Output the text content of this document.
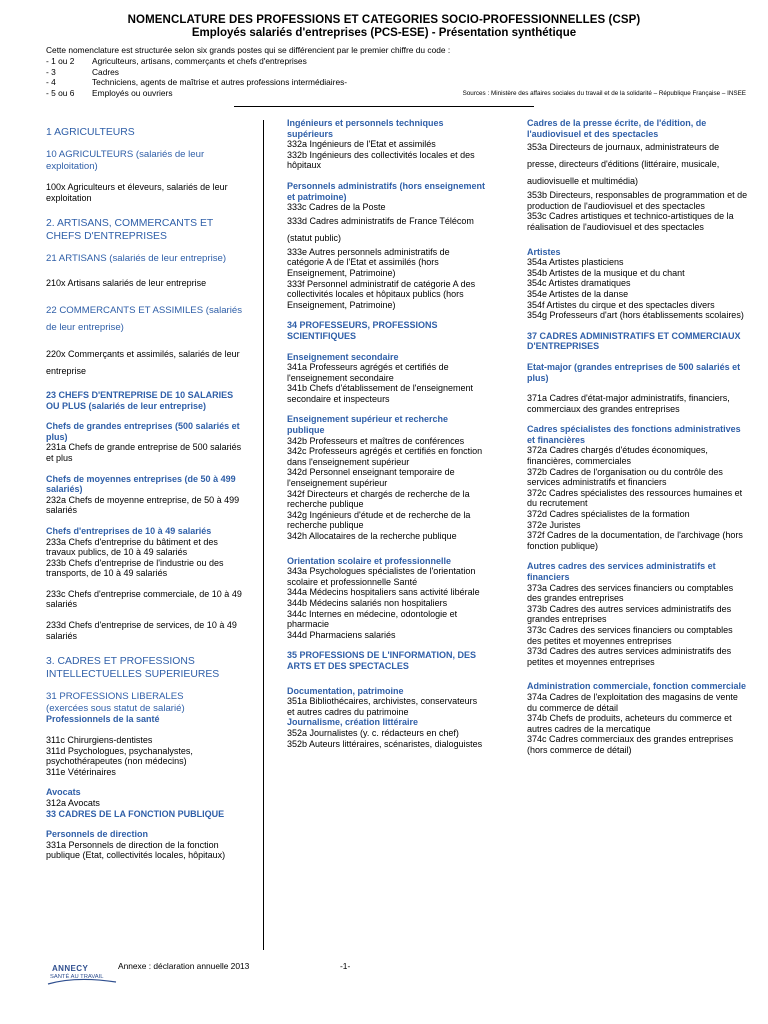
NOMENCLATURE DES PROFESSIONS ET CATEGORIES SOCIO-PROFESSIONNELLES (CSP)
Employés salariés d'entreprises (PCS-ESE) - Présentation synthétique
Cette nomenclature est structurée selon six grands postes qui se différencient par le premier chiffre du code :
- 1 ou 2 Agriculteurs, artisans, commerçants et chefs d'entreprises
- 3	Cadres
- 4	Techniciens, agents de maîtrise et autres professions intermédiaires-
- 5 ou 6 Employés ou ouvriers	Sources : Ministère des affaires sociales du travail et de la solidarité – République Française – INSEE
1 AGRICULTEURS
10 AGRICULTEURS (salariés de leur exploitation)
100x Agriculteurs et éleveurs, salariés de leur exploitation
2. ARTISANS, COMMERCANTS ET CHEFS D'ENTREPRISES
21 ARTISANS (salariés de leur entreprise)
210x Artisans salariés de leur entreprise
22 COMMERCANTS ET ASSIMILES (salariés de leur entreprise)
220x Commerçants et assimilés, salariés de leur entreprise
23 CHEFS D'ENTREPRISE DE 10 SALARIES OU PLUS (salariés de leur entreprise)
Chefs de grandes entreprises (500 salariés et plus)
231a Chefs de grande entreprise de 500 salariés et plus
Chefs de moyennes entreprises (de 50 à 499 salariés)
232a Chefs de moyenne entreprise, de 50 à 499 salariés
Chefs d'entreprises de 10 à 49 salariés
233a Chefs d'entreprise du bâtiment et des travaux publics, de 10 à 49 salariés
233b Chefs d'entreprise de l'industrie ou des transports, de 10 à 49 salariés
233c Chefs d'entreprise commerciale, de 10 à 49 salariés
233d Chefs d'entreprise de services, de 10 à 49 salariés
3. CADRES ET PROFESSIONS INTELLECTUELLES SUPERIEURES
31 PROFESSIONS LIBERALES
(exercées sous statut de salarié)
Professionnels de la santé
311c Chirurgiens-dentistes
311d Psychologues, psychanalystes, psychothérapeutes (non médecins)
311e Vétérinaires
Avocats
312a Avocats
33 CADRES DE LA FONCTION PUBLIQUE
Personnels de direction
331a Personnels de direction de la fonction publique (Etat, collectivités locales, hôpitaux)
Ingénieurs et personnels techniques supérieurs
332a Ingénieurs de l'Etat et assimilés
332b Ingénieurs des collectivités locales et des hôpitaux
Personnels administratifs (hors enseignement et patrimoine)
333c Cadres de la Poste
333d Cadres administratifs de France Télécom (statut public)
333e Autres personnels administratifs de catégorie A de l'Etat et assimilés (hors Enseignement, Patrimoine)
333f Personnel administratif de catégorie A des collectivités locales et hôpitaux publics (hors Enseignement, Patrimoine)
34 PROFESSEURS, PROFESSIONS SCIENTIFIQUES
Enseignement secondaire
341a Professeurs agrégés et certifiés de l'enseignement secondaire
341b Chefs d'établissement de l'enseignement secondaire et inspecteurs
Enseignement supérieur et recherche publique
342b Professeurs et maîtres de conférences
342c Professeurs agrégés et certifiés en fonction dans l'enseignement supérieur
342d Personnel enseignant temporaire de l'enseignement supérieur
342f Directeurs et chargés de recherche de la recherche publique
342g Ingénieurs d'étude et de recherche de la recherche publique
342h Allocataires de la recherche publique
Orientation scolaire et professionnelle
343a Psychologues spécialistes de l'orientation scolaire et professionnelle Santé
344a Médecins hospitaliers sans activité libérale
344b Médecins salariés non hospitaliers
344c Internes en médecine, odontologie et pharmacie
344d Pharmaciens salariés
35 PROFESSIONS DE L'INFORMATION, DES ARTS ET DES SPECTACLES
Documentation, patrimoine
351a Bibliothécaires, archivistes, conservateurs et autres cadres du patrimoine
Journalisme, création littéraire
352a Journalistes (y. c. rédacteurs en chef)
352b Auteurs littéraires, scénaristes, dialoguistes
Cadres de la presse écrite, de l'édition, de l'audiovisuel et des spectacles
353a Directeurs de journaux, administrateurs de presse, directeurs d'éditions (littéraire, musicale, audiovisuelle et multimédia)
353b Directeurs, responsables de programmation et de production de l'audiovisuel et des spectacles
353c Cadres artistiques et technico-artistiques de la réalisation de l'audiovisuel et des spectacles
Artistes
354a Artistes plasticiens
354b Artistes de la musique et du chant
354c Artistes dramatiques
354e Artistes de la danse
354f Artistes du cirque et des spectacles divers
354g Professeurs d'art (hors établissements scolaires)
37 CADRES ADMINISTRATIFS ET COMMERCIAUX D'ENTREPRISES
Etat-major (grandes entreprises de 500 salariés et plus)
371a Cadres d'état-major administratifs, financiers, commerciaux des grandes entreprises
Cadres spécialistes des fonctions administratives et financières
372a Cadres chargés d'études économiques, financières, commerciales
372b Cadres de l'organisation ou du contrôle des services administratifs et financiers
372c Cadres spécialistes des ressources humaines et du recrutement
372d Cadres spécialistes de la formation
372e Juristes
372f Cadres de la documentation, de l'archivage (hors fonction publique)
Autres cadres des services administratifs et financiers
373a Cadres des services financiers ou comptables des grandes entreprises
373b Cadres des autres services administratifs des grandes entreprises
373c Cadres des services financiers ou comptables des petites et moyennes entreprises
373d Cadres des autres services administratifs des petites et moyennes entreprises
Administration commerciale, fonction commerciale
374a Cadres de l'exploitation des magasins de vente du commerce de détail
374b Chefs de produits, acheteurs du commerce et autres cadres de la mercatique
374c Cadres commerciaux des grandes entreprises (hors commerce de détail)
ANNECY
SANTÉ AU TRAVAIL
Annexe : déclaration annuelle 2013	-1-
